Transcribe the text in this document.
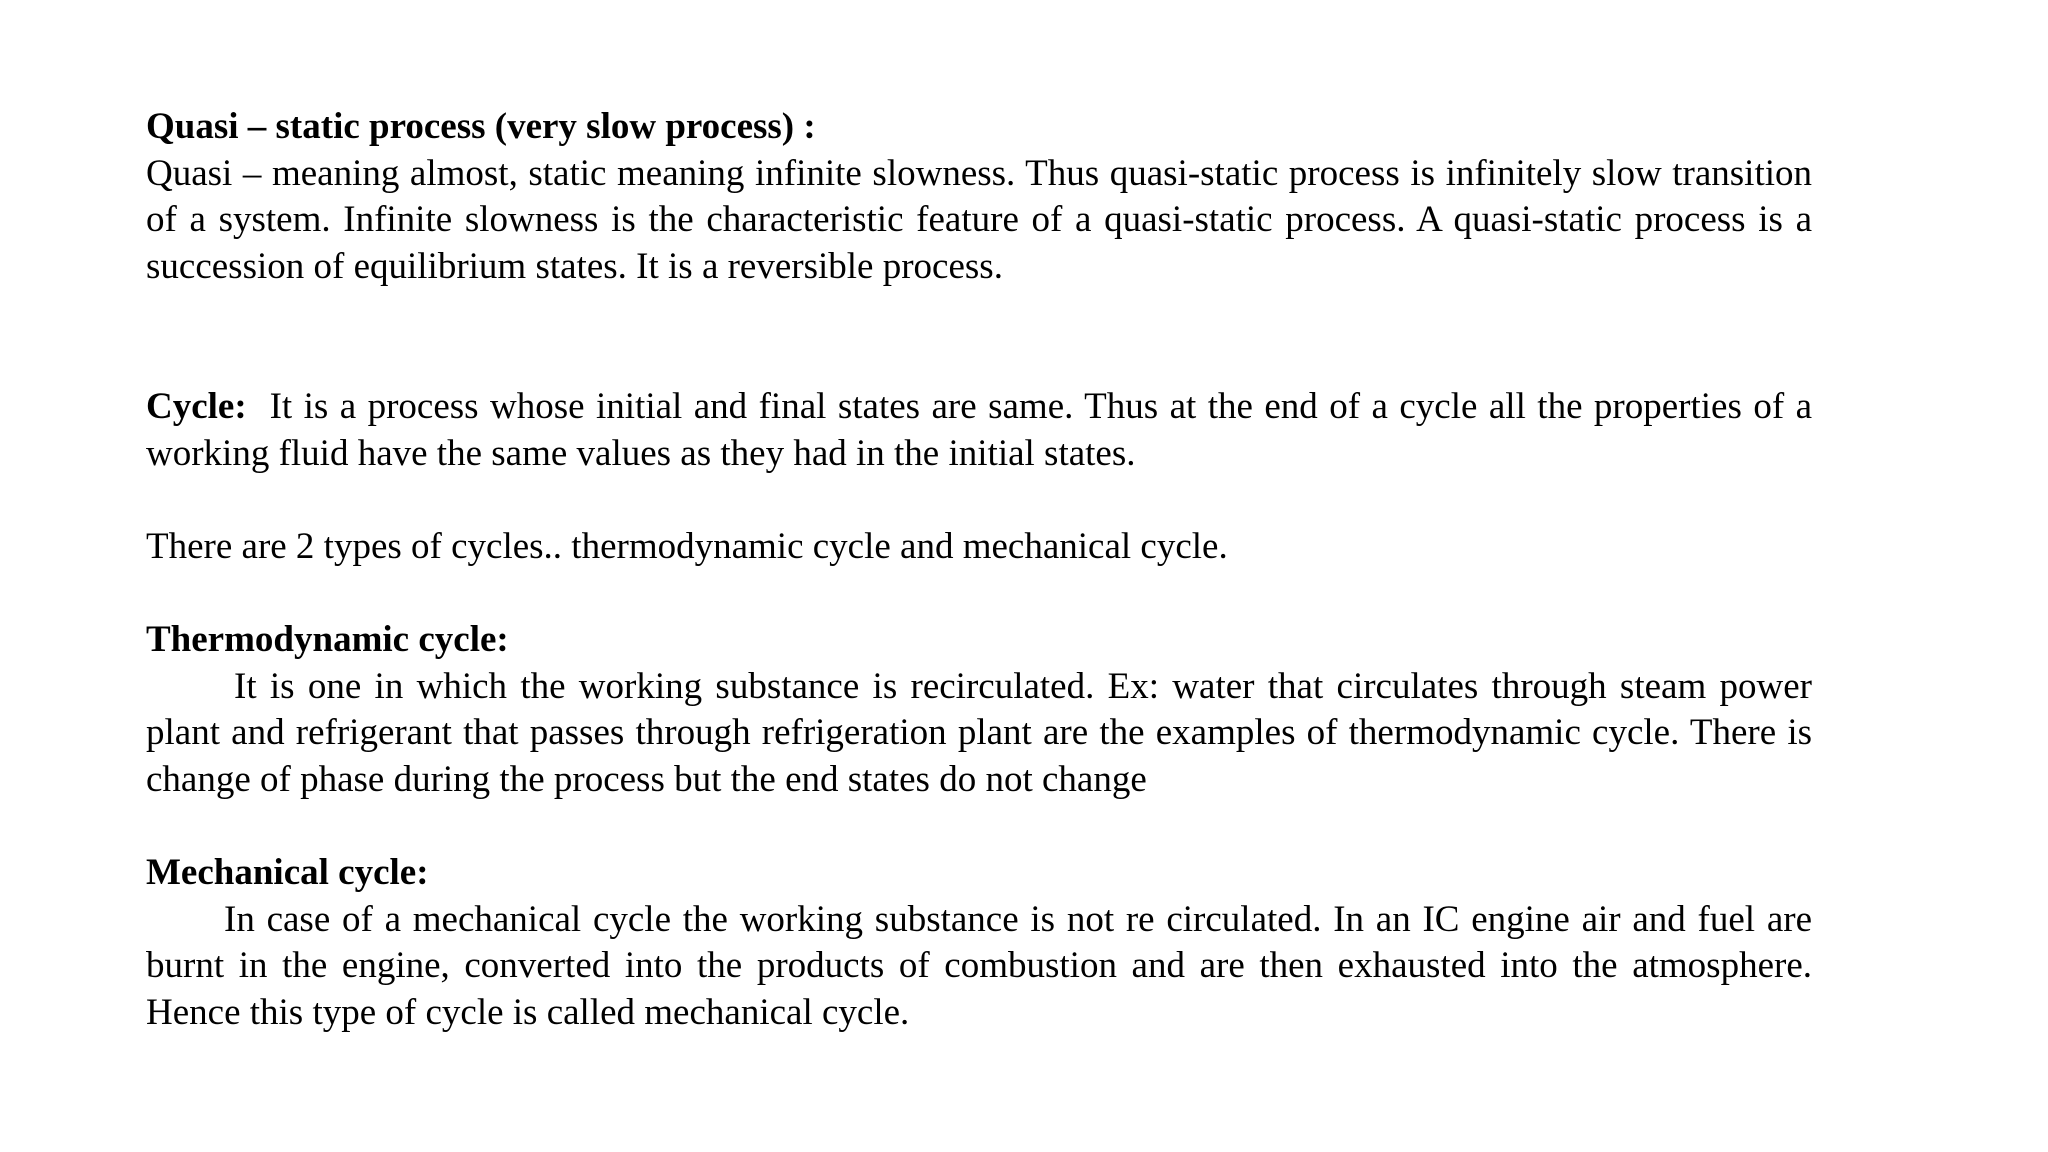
Quasi – static process (very slow process) :

Quasi – meaning almost, static meaning infinite slowness. Thus quasi-static process is infinitely slow transition of a system. Infinite slowness is the characteristic feature of a quasi-static process. A quasi-static process is a succession of equilibrium states. It is a reversible process.

Cycle: It is a process whose initial and final states are same. Thus at the end of a cycle all the properties of a working fluid have the same values as they had in the initial states.

There are 2 types of cycles.. thermodynamic cycle and mechanical cycle.

Thermodynamic cycle:

It is one in which the working substance is recirculated. Ex: water that circulates through steam power plant and refrigerant that passes through refrigeration plant are the examples of thermodynamic cycle. There is change of phase during the process but the end states do not change

Mechanical cycle:

In case of a mechanical cycle the working substance is not re circulated. In an IC engine air and fuel are burnt in the engine, converted into the products of combustion and are then exhausted into the atmosphere. Hence this type of cycle is called mechanical cycle.
